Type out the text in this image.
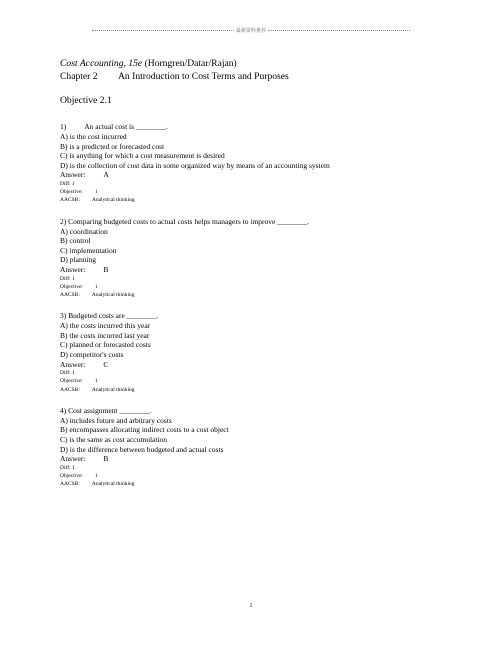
最新资料推荐
Cost Accounting, 15e (Horngren/Datar/Rajan)
Chapter 2	An Introduction to Cost Terms and Purposes
Objective 2.1
1) An actual cost is ________.
A) is the cost incurred
B) is a predicted or forecasted cost
C) is anything for which a cost measurement is desired
D) is the collection of cost data in some organized way by means of an accounting system
Answer: A
Diff: 1
Objective: 1
AACSB: Analytical thinking
2) Comparing budgeted costs to actual costs helps managers to improve ________.
A) coordination
B) control
C) implementation
D) planning
Answer: B
Diff: 1
Objective: 1
AACSB: Analytical thinking
3) Budgeted costs are ________.
A) the costs incurred this year
B) the costs incurred last year
C) planned or forecasted costs
D) competitor's costs
Answer: C
Diff: 1
Objective: 1
AACSB: Analytical thinking
4) Cost assignment ________.
A) includes future and arbitrary costs
B) encompasses allocating indirect costs to a cost object
C) is the same as cost accumulation
D) is the difference between budgeted and actual costs
Answer: B
Diff: 1
Objective: 1
AACSB: Analytical thinking
1
